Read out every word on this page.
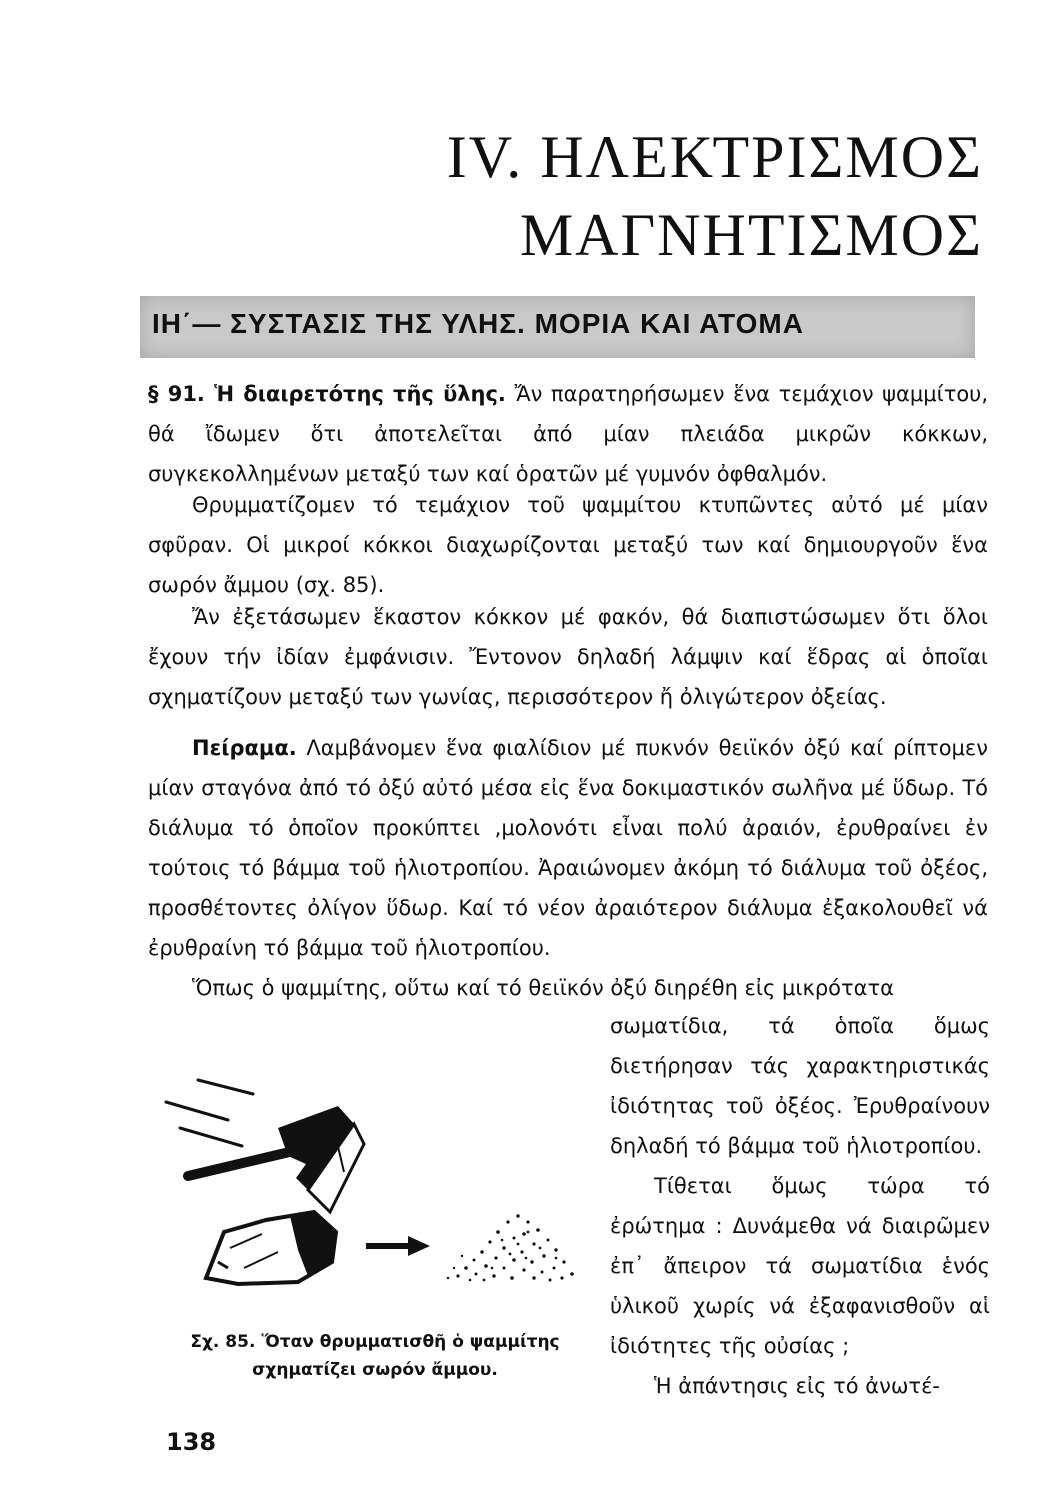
IV. ΗΛΕΚΤΡΙΣΜΟΣ
ΜΑΓΝΗΤΙΣΜΟΣ
ΙΗ΄— ΣΥΣΤΑΣΙΣ ΤΗΣ ΥΛΗΣ. ΜΟΡΙΑ ΚΑΙ ΑΤΟΜΑ

§ 91. Ἡ διαιρετότης τῆς ὕλης. Ἄν παρατηρήσωμεν ἕνα τεμάχιον ψαμμίτου, θά ἴδωμεν ὅτι ἀποτελεῖται ἀπό μίαν πλειάδα μικρῶν κόκκων, συγκεκολλημένων μεταξύ των καί ὁρατῶν μέ γυμνόν ὀφθαλμόν.

Θρυμματίζομεν τό τεμάχιον τοῦ ψαμμίτου κτυπῶντες αὐτό μέ μίαν σφῦραν. Οἱ μικροί κόκκοι διαχωρίζονται μεταξύ των καί δημιουργοῦν ἕνα σωρόν ἄμμου (σχ. 85).

Ἄν ἐξετάσωμεν ἕκαστον κόκκον μέ φακόν, θά διαπιστώσωμεν ὅτι ὅλοι ἔχουν τήν ἰδίαν ἐμφάνισιν. Ἔντονον δηλαδή λάμψιν καί ἕδρας αἱ ὁποῖαι σχηματίζουν μεταξύ των γωνίας, περισσότερον ἤ ὀλιγώτερον ὀξείας.

Πείραμα. Λαμβάνομεν ἕνα φιαλίδιον μέ πυκνόν θειϊκόν ὀξύ καί ρίπτομεν μίαν σταγόνα ἀπό τό ὀξύ αὐτό μέσα εἰς ἕνα δοκιμαστικόν σωλῆνα μέ ὕδωρ. Τό διάλυμα τό ὁποῖον προκύπτει ,μολονότι εἶναι πολύ ἀραιόν, ἐρυθραίνει ἐν τούτοις τό βάμμα τοῦ ἡλιοτροπίου. Ἀραιώνομεν ἀκόμη τό διάλυμα τοῦ ὀξέος, προσθέτοντες ὀλίγον ὕδωρ. Καί τό νέον ἀραιότερον διάλυμα ἐξακολουθεῖ νά ἐρυθραίνη τό βάμμα τοῦ ἡλιοτροπίου.

Ὅπως ὁ ψαμμίτης, οὕτω καί τό θειϊκόν ὀξύ διηρέθη εἰς μικρότατα

σωματίδια, τά ὁποῖα ὅμως διετήρησαν τάς χαρακτηριστικάς ἰδιότητας τοῦ ὀξέος. Ἐρυθραίνουν δηλαδή τό βάμμα τοῦ ἡλιοτροπίου.

Τίθεται ὅμως τώρα τό ἐρώτημα : Δυνάμεθα νά διαιρῶμεν ἐπ᾿ ἄπειρον τά σωματίδια ἑνός ὑλικοῦ χωρίς νά ἐξαφανισθοῦν αἱ ἰδιότητες τῆς οὐσίας ;

Ἡ ἀπάντησις εἰς τό ἀνωτέ-

Σχ. 85. Ὅταν θρυμματισθῆ ὁ ψαμμίτης
σχηματίζει σωρόν ἄμμου.
138
